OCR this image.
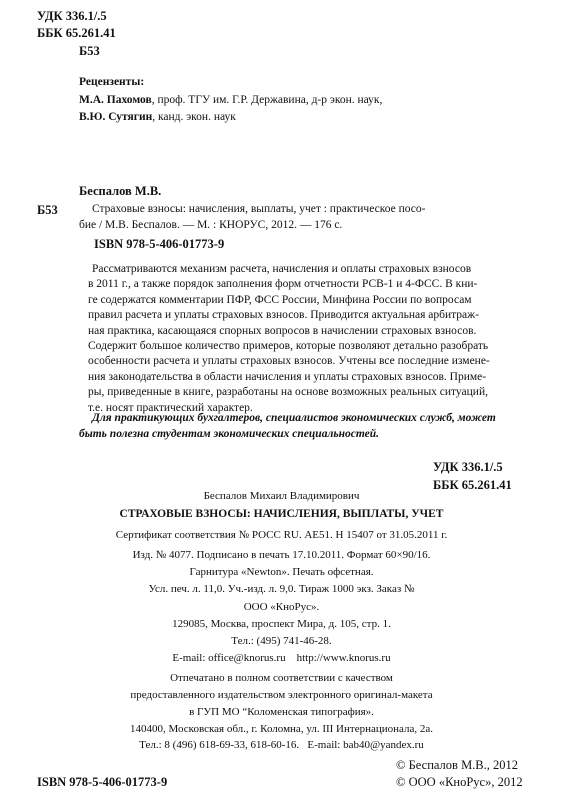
УДК 336.1/.5
ББК 65.261.41
Б53
Рецензенты:
М.А. Пахомов, проф. ТГУ им. Г.Р. Державина, д-р экон. наук,
В.Ю. Сутягин, канд. экон. наук
Беспалов М.В.
Б53	Страховые взносы: начисления, выплаты, учет : практическое посо-
бие / М.В. Беспалов. — М. : КНОРУС, 2012. — 176 с.
ISBN 978-5-406-01773-9
Рассматриваются механизм расчета, начисления и оплаты страховых взносов
в 2011 г., а также порядок заполнения форм отчетности РСВ-1 и 4-ФСС. В кни-
ге содержатся комментарии ПФР, ФСС России, Минфина России по вопросам
правил расчета и уплаты страховых взносов. Приводится актуальная арбитраж-
ная практика, касающаяся спорных вопросов в начислении страховых взносов.
Содержит большое количество примеров, которые позволяют детально разобрать
особенности расчета и уплаты страховых взносов. Учтены все последние измене-
ния законодательства в области начисления и уплаты страховых взносов. Приме-
ры, приведенные в книге, разработаны на основе возможных реальных ситуаций,
т.е. носят практический характер.
Для практикующих бухгалтеров, специалистов экономических служб, может
быть полезна студентам экономических специальностей.
УДК 336.1/.5
ББК 65.261.41
Беспалов Михаил Владимирович
СТРАХОВЫЕ ВЗНОСЫ: НАЧИСЛЕНИЯ, ВЫПЛАТЫ, УЧЕТ
Сертификат соответствия № РОСС RU. АЕ51. Н 15407 от 31.05.2011 г.
Изд. № 4077. Подписано в печать 17.10.2011. Формат 60×90/16.
Гарнитура «Newton». Печать офсетная.
Усл. печ. л. 11,0. Уч.-изд. л. 9,0. Тираж 1000 экз. Заказ №
ООО «КноРус».
129085, Москва, проспект Мира, д. 105, стр. 1.
Тел.: (495) 741-46-28.
E-mail: office@knorus.ru    http://www.knorus.ru
Отпечатано в полном соответствии с качеством
предоставленного издательством электронного оригинал-макета
в ГУП МО “Коломенская типография».
140400, Московская обл., г. Коломна, ул. III Интернационала, 2а.
Тел.: 8 (496) 618-69-33, 618-60-16.   E-mail: bab40@yandex.ru
ISBN 978-5-406-01773-9
© Беспалов М.В., 2012
© ООО «КноРус», 2012
